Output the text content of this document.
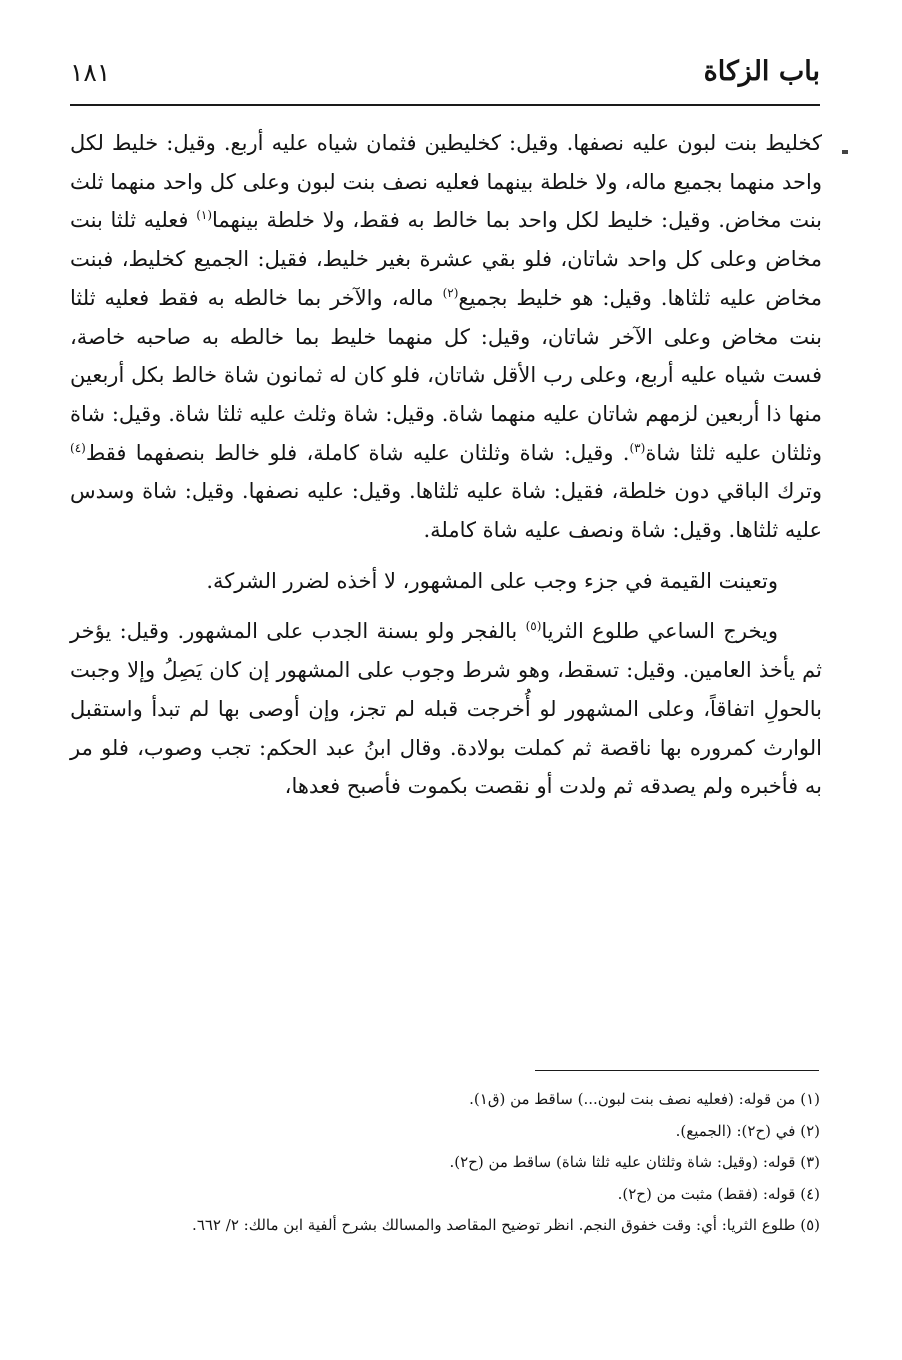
باب الزكاة
١٨١

كخليط بنت لبون عليه نصفها. وقيل: كخليطين فثمان شياه عليه أربع. وقيل: خليط لكل واحد منهما بجميع ماله، ولا خلطة بينهما فعليه نصف بنت لبون وعلى كل واحد منهما ثلث بنت مخاض. وقيل: خليط لكل واحد بما خالط به فقط، ولا خلطة بينهما$^{(١)}$ فعليه ثلثا بنت مخاض وعلى كل واحد شاتان، فلو بقي عشرة بغير خليط، فقيل: الجميع كخليط، فبنت مخاض عليه ثلثاها. وقيل: هو خليط بجميع$^{(٢)}$ ماله، والآخر بما خالطه به فقط فعليه ثلثا بنت مخاض وعلى الآخر شاتان، وقيل: كل منهما خليط بما خالطه به صاحبه خاصة، فست شياه عليه أربع، وعلى رب الأقل شاتان، فلو كان له ثمانون شاة خالط بكل أربعين منها ذا أربعين لزمهم شاتان عليه منهما شاة. وقيل: شاة وثلث عليه ثلثا شاة. وقيل: شاة وثلثان عليه ثلثا شاة$^{(٣)}$. وقيل: شاة وثلثان عليه شاة كاملة، فلو خالط بنصفهما فقط$^{(٤)}$ وترك الباقي دون خلطة، فقيل: شاة عليه ثلثاها. وقيل: عليه نصفها. وقيل: شاة وسدس عليه ثلثاها. وقيل: شاة ونصف عليه شاة كاملة.

وتعينت القيمة في جزء وجب على المشهور، لا أخذه لضرر الشركة.

ويخرج الساعي طلوع الثريا$^{(٥)}$ بالفجر ولو بسنة الجدب على المشهور. وقيل: يؤخر ثم يأخذ العامين. وقيل: تسقط، وهو شرط وجوب على المشهور إن كان يَصِلُ وإلا وجبت بالحولِ اتفاقاً، وعلى المشهور لو أُخرجت قبله لم تجز، وإن أوصى بها لم تبدأ واستقبل الوارث كمروره بها ناقصة ثم كملت بولادة. وقال ابنُ عبد الحكم: تجب وصوب، فلو مر به فأخبره ولم يصدقه ثم ولدت أو نقصت بكموت فأصبح فعدها،

(١) من قوله: (فعليه نصف بنت لبون...) ساقط من (ق١).
(٢) في (ح٢): (الجميع).
(٣) قوله: (وقيل: شاة وثلثان عليه ثلثا شاة) ساقط من (ح٢).
(٤) قوله: (فقط) مثبت من (ح٢).
(٥) طلوع الثريا: أي: وقت خفوق النجم. انظر توضيح المقاصد والمسالك بشرح ألفية ابن مالك: ٢/ ٦٦٢.
